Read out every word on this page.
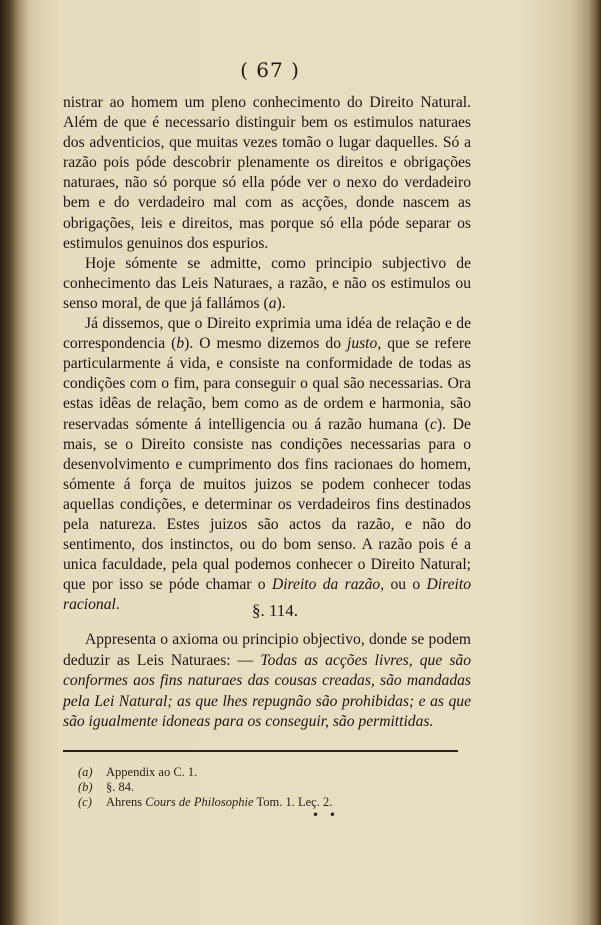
( 67 )

nistrar ao homem um pleno conhecimento do Direito Natural. Além de que é necessario distinguir bem os estimulos naturaes dos adventicios, que muitas vezes tomão o lugar daquelles. Só a razão pois póde descobrir plenamente os direitos e obrigações naturaes, não só porque só ella póde ver o nexo do verdadeiro bem e do verdadeiro mal com as acções, donde nascem as obrigações, leis e direitos, mas porque só ella póde separar os estimulos genuinos dos espurios.

Hoje sómente se admitte, como principio subjectivo de conhecimento das Leis Naturaes, a razão, e não os estimulos ou senso moral, de que já fallámos (a).

Já dissemos, que o Direito exprimia uma idéa de relação e de correspondencia (b). O mesmo dizemos do justo, que se refere particularmente á vida, e consiste na conformidade de todas as condições com o fim, para conseguir o qual são necessarias. Ora estas idêas de relação, bem como as de ordem e harmonia, são reservadas sómente á intelligencia ou á razão humana (c). De mais, se o Direito consiste nas condições necessarias para o desenvolvimento e cumprimento dos fins racionaes do homem, sómente á força de muitos juizos se podem conhecer todas aquellas condições, e determinar os verdadeiros fins destinados pela natureza. Estes juizos são actos da razão, e não do sentimento, dos instinctos, ou do bom senso. A razão pois é a unica faculdade, pela qual podemos conhecer o Direito Natural; que por isso se póde chamar o Direito da razão, ou o Direito racional.	§. 114.
Appresenta o axioma ou principio objectivo, donde se podem deduzir as Leis Naturaes: — Todas as acções livres, que são conformes aos fins naturaes das cousas creadas, são mandadas pela Lei Natural; as que lhes repugnão são prohibidas; e as que são igualmente idoneas para os conseguir, são permittidas.
(a)	Appendix ao C. 1.
(b)	§. 84.
(c)	Ahrens Cours de Philosophie Tom. 1. Leç. 2.
• •
